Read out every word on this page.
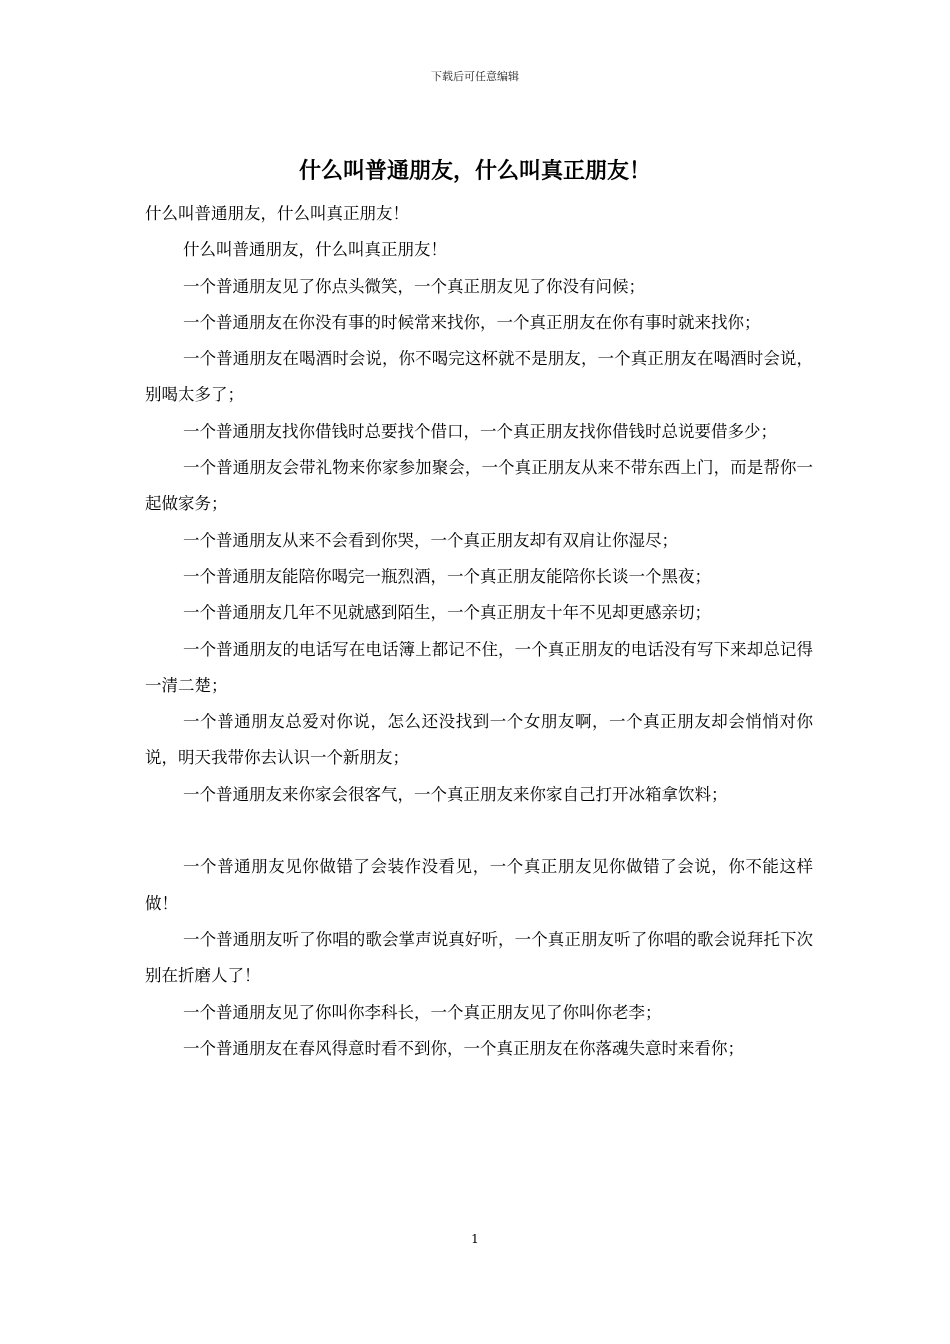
下载后可任意编辑
什么叫普通朋友，什么叫真正朋友！

什么叫普通朋友，什么叫真正朋友！

什么叫普通朋友，什么叫真正朋友！

一个普通朋友见了你点头微笑，一个真正朋友见了你没有问候；

一个普通朋友在你没有事的时候常来找你，一个真正朋友在你有事时就来找你；

一个普通朋友在喝酒时会说，你不喝完这杯就不是朋友，一个真正朋友在喝酒时会说，别喝太多了；

一个普通朋友找你借钱时总要找个借口，一个真正朋友找你借钱时总说要借多少；

一个普通朋友会带礼物来你家参加聚会，一个真正朋友从来不带东西上门，而是帮你一起做家务；

一个普通朋友从来不会看到你哭，一个真正朋友却有双肩让你湿尽；

一个普通朋友能陪你喝完一瓶烈酒，一个真正朋友能陪你长谈一个黑夜；

一个普通朋友几年不见就感到陌生，一个真正朋友十年不见却更感亲切；

一个普通朋友的电话写在电话簿上都记不住，一个真正朋友的电话没有写下来却总记得一清二楚；

一个普通朋友总爱对你说，怎么还没找到一个女朋友啊，一个真正朋友却会悄悄对你说，明天我带你去认识一个新朋友；

一个普通朋友来你家会很客气，一个真正朋友来你家自己打开冰箱拿饮料；

一个普通朋友见你做错了会装作没看见，一个真正朋友见你做错了会说，你不能这样做！

一个普通朋友听了你唱的歌会掌声说真好听，一个真正朋友听了你唱的歌会说拜托下次别在折磨人了！

一个普通朋友见了你叫你李科长，一个真正朋友见了你叫你老李；

一个普通朋友在春风得意时看不到你，一个真正朋友在你落魂失意时来看你；

1
